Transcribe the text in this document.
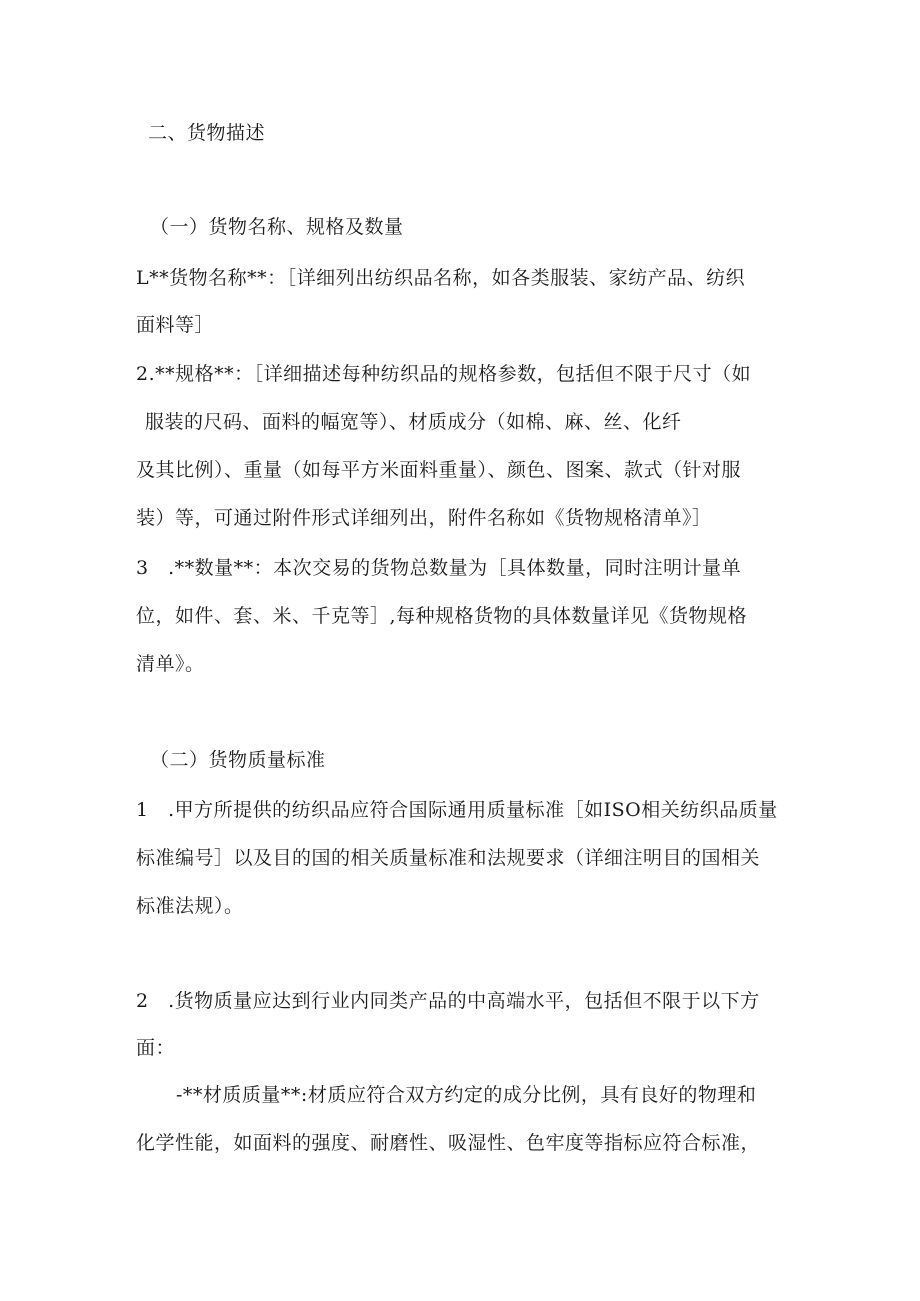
二、货物描述
（一）货物名称、规格及数量
L**货物名称**：［详细列出纺织品名称，如各类服装、家纺产品、纺织
面料等］
2.**规格**：［详细描述每种纺织品的规格参数，包括但不限于尺寸（如
服装的尺码、面料的幅宽等）、材质成分（如棉、麻、丝、化纤
及其比例）、重量（如每平方米面料重量）、颜色、图案、款式（针对服
装）等，可通过附件形式详细列出，附件名称如《货物规格清单》］
3　.**数量**：本次交易的货物总数量为［具体数量，同时注明计量单
位，如件、套、米、千克等］,每种规格货物的具体数量详见《货物规格
清单》。
（二）货物质量标准
1　.甲方所提供的纺织品应符合国际通用质量标准［如ISO相关纺织品质量
标准编号］以及目的国的相关质量标准和法规要求（详细注明目的国相关
标准法规）。
2　.货物质量应达到行业内同类产品的中高端水平，包括但不限于以下方
面：
-**材质质量**:材质应符合双方约定的成分比例，具有良好的物理和
化学性能，如面料的强度、耐磨性、吸湿性、色牢度等指标应符合标准，
